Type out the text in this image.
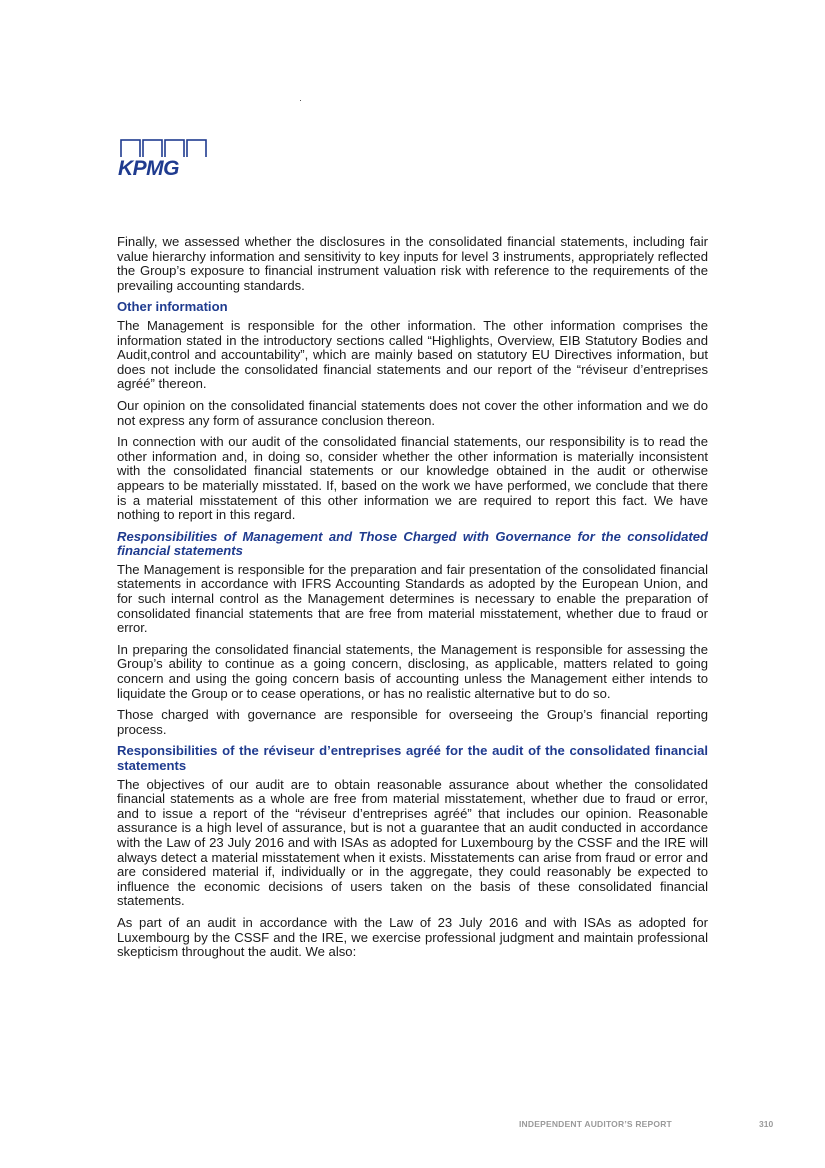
KPMG

Finally, we assessed whether the disclosures in the consolidated financial statements, including fair value hierarchy information and sensitivity to key inputs for level 3 instruments, appropriately reflected the Group’s exposure to financial instrument valuation risk with reference to the requirements of the prevailing accounting standards.

Other information

The Management is responsible for the other information. The other information comprises the information stated in the introductory sections called “Highlights, Overview, EIB Statutory Bodies and Audit,control and accountability”, which are mainly based on statutory EU Directives information, but does not include the consolidated financial statements and our report of the “réviseur d’entreprises agréé” thereon.

Our opinion on the consolidated financial statements does not cover the other information and we do not express any form of assurance conclusion thereon.

In connection with our audit of the consolidated financial statements, our responsibility is to read the other information and, in doing so, consider whether the other information is materially inconsistent with the consolidated financial statements or our knowledge obtained in the audit or otherwise appears to be materially misstated. If, based on the work we have performed, we conclude that there is a material misstatement of this other information we are required to report this fact. We have nothing to report in this regard.

Responsibilities of Management and Those Charged with Governance for the consolidated financial statements

The Management is responsible for the preparation and fair presentation of the consolidated financial statements in accordance with IFRS Accounting Standards as adopted by the European Union, and for such internal control as the Management determines is necessary to enable the preparation of consolidated financial statements that are free from material misstatement, whether due to fraud or error.

In preparing the consolidated financial statements, the Management is responsible for assessing the Group’s ability to continue as a going concern, disclosing, as applicable, matters related to going concern and using the going concern basis of accounting unless the Management either intends to liquidate the Group or to cease operations, or has no realistic alternative but to do so.

Those charged with governance are responsible for overseeing the Group’s financial reporting process.

Responsibilities of the réviseur d’entreprises agréé for the audit of the consolidated financial statements

The objectives of our audit are to obtain reasonable assurance about whether the consolidated financial statements as a whole are free from material misstatement, whether due to fraud or error, and to issue a report of the “réviseur d’entreprises agréé” that includes our opinion. Reasonable assurance is a high level of assurance, but is not a guarantee that an audit conducted in accordance with the Law of 23 July 2016 and with ISAs as adopted for Luxembourg by the CSSF and the IRE will always detect a material misstatement when it exists. Misstatements can arise from fraud or error and are considered material if, individually or in the aggregate, they could reasonably be expected to influence the economic decisions of users taken on the basis of these consolidated financial statements.

As part of an audit in accordance with the Law of 23 July 2016 and with ISAs as adopted for Luxembourg by the CSSF and the IRE, we exercise professional judgment and maintain professional skepticism throughout the audit. We also:

INDEPENDENT AUDITOR’S REPORT	310
